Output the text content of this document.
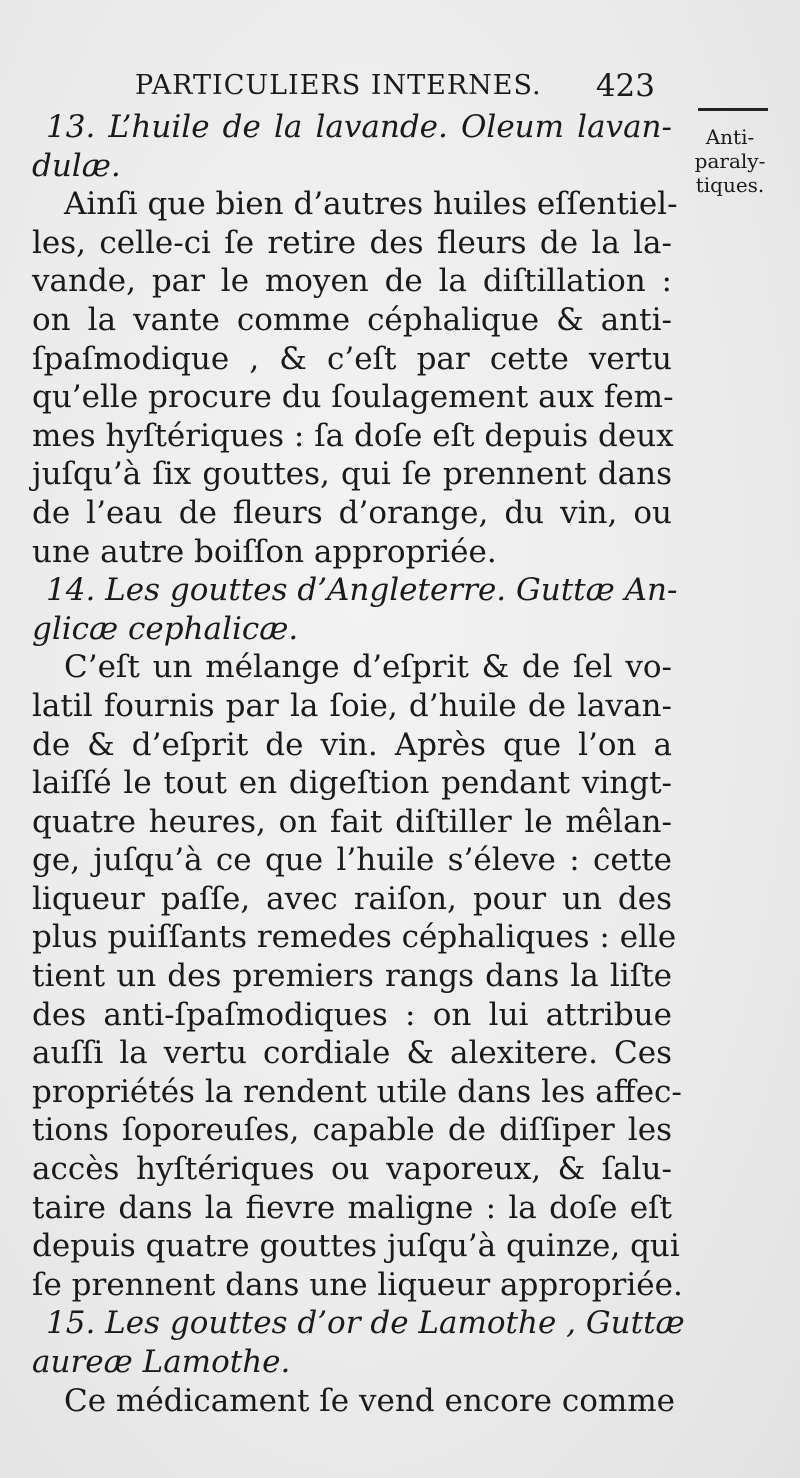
PARTICULIERS INTERNES. 423
Anti-
paraly-
tiques.
13. L’huile de la lavande. Oleum lavan-
dulæ.
Ainſi que bien d’autres huiles eſſentiel-
les, celle-ci ſe retire des fleurs de la la-
vande, par le moyen de la diſtillation :
on la vante comme céphalique & anti-
ſpaſmodique , & c’eſt par cette vertu
qu’elle procure du ſoulagement aux fem-
mes hyſtériques : ſa doſe eſt depuis deux
juſqu’à ſix gouttes, qui ſe prennent dans
de l’eau de fleurs d’orange, du vin, ou
une autre boiſſon appropriée.
14. Les gouttes d’Angleterre. Guttæ An-
glicæ cephalicæ.
C’eſt un mélange d’eſprit & de ſel vo-
latil fournis par la ſoie, d’huile de lavan-
de & d’eſprit de vin. Après que l’on a
laiſſé le tout en digeſtion pendant vingt-
quatre heures, on fait diſtiller le mêlan-
ge, juſqu’à ce que l’huile s’éleve : cette
liqueur paſſe, avec raiſon, pour un des
plus puiſſants remedes céphaliques : elle
tient un des premiers rangs dans la liſte
des anti-ſpaſmodiques : on lui attribue
auſſi la vertu cordiale & alexitere. Ces
propriétés la rendent utile dans les affec-
tions ſoporeuſes, capable de diſſiper les
accès hyſtériques ou vaporeux, & ſalu-
taire dans la fievre maligne : la doſe eſt
depuis quatre gouttes juſqu’à quinze, qui
ſe prennent dans une liqueur appropriée.
15. Les gouttes d’or de Lamothe , Guttæ
aureæ Lamothe.
Ce médicament ſe vend encore comme
